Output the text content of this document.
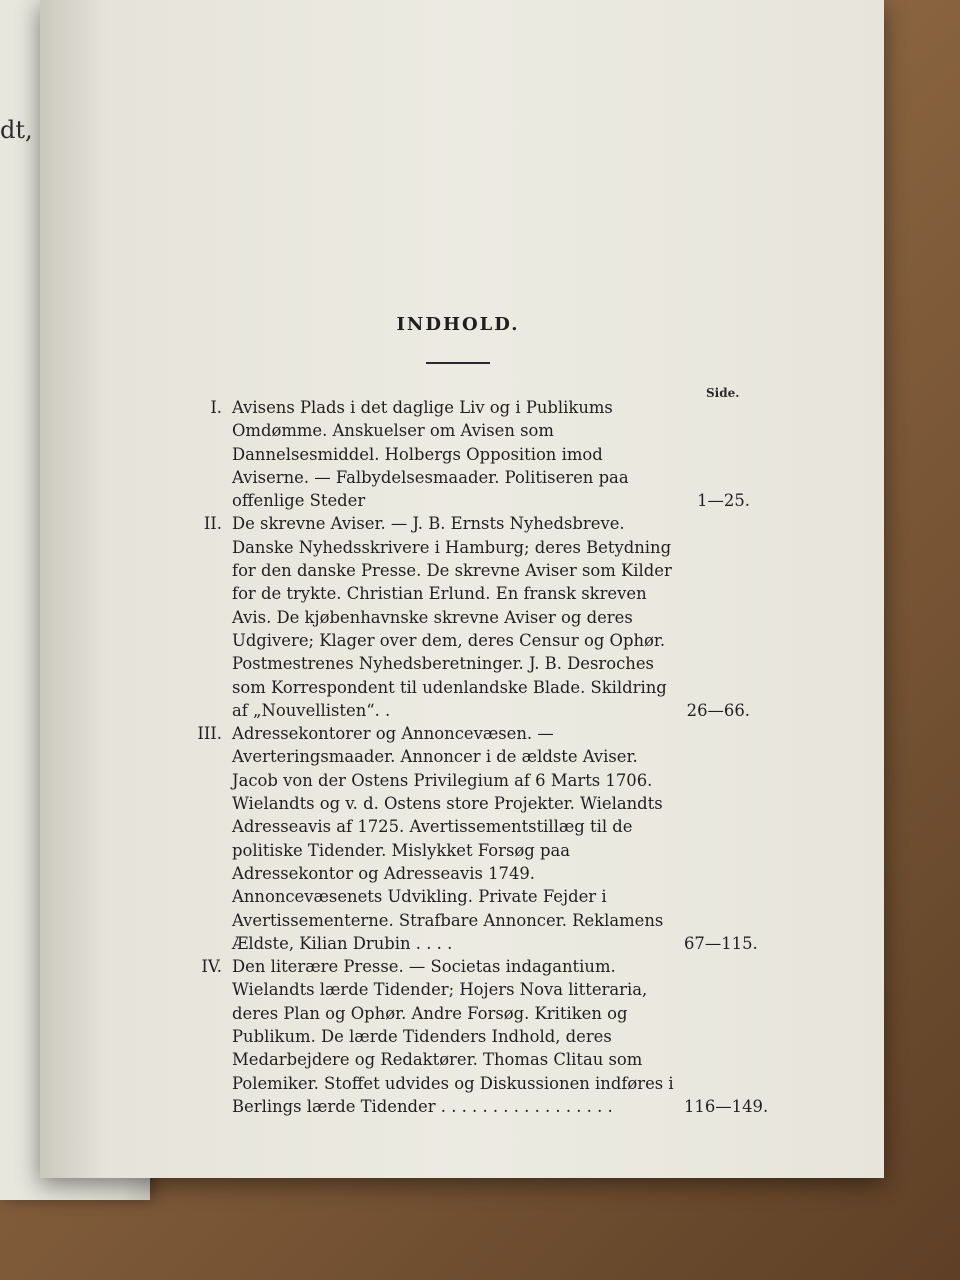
dt,
INDHOLD.
Side.
I. Avisens Plads i det daglige Liv og i Publikums Omdømme. Anskuelser om Avisen som Dannelsesmiddel. Holbergs Opposition imod Aviserne. — Falbydelsesmaader. Politiseren paa offenlige Steder	1—25.
II. De skrevne Aviser. — J. B. Ernsts Nyhedsbreve. Danske Nyhedsskrivere i Hamburg; deres Betydning for den danske Presse. De skrevne Aviser som Kilder for de trykte. Christian Erlund. En fransk skreven Avis. De kjøbenhavnske skrevne Aviser og deres Udgivere; Klager over dem, deres Censur og Ophør. Postmestrenes Nyhedsberetninger. J. B. Desroches som Korrespondent til udenlandske Blade. Skildring af „Nouvellisten“. .	26—66.
III. Adressekontorer og Annoncevæsen. — Averteringsmaader. Annoncer i de ældste Aviser. Jacob von der Ostens Privilegium af 6 Marts 1706. Wielandts og v. d. Ostens store Projekter. Wielandts Adresseavis af 1725. Avertissementstillæg til de politiske Tidender. Mislykket Forsøg paa Adressekontor og Adresseavis 1749. Annoncevæsenets Udvikling. Private Fejder i Avertissementerne. Strafbare Annoncer. Reklamens Ældste, Kilian Drubin . . . .	67—115.
IV. Den literære Presse. — Societas indagantium. Wielandts lærde Tidender; Hojers Nova litteraria, deres Plan og Ophør. Andre Forsøg. Kritiken og Publikum. De lærde Tidenders Indhold, deres Medarbejdere og Redaktører. Thomas Clitau som Polemiker. Stoffet udvides og Diskussionen indføres i Berlings lærde Tidender . . . . . . . . . . . . . . . . .	116—149.
